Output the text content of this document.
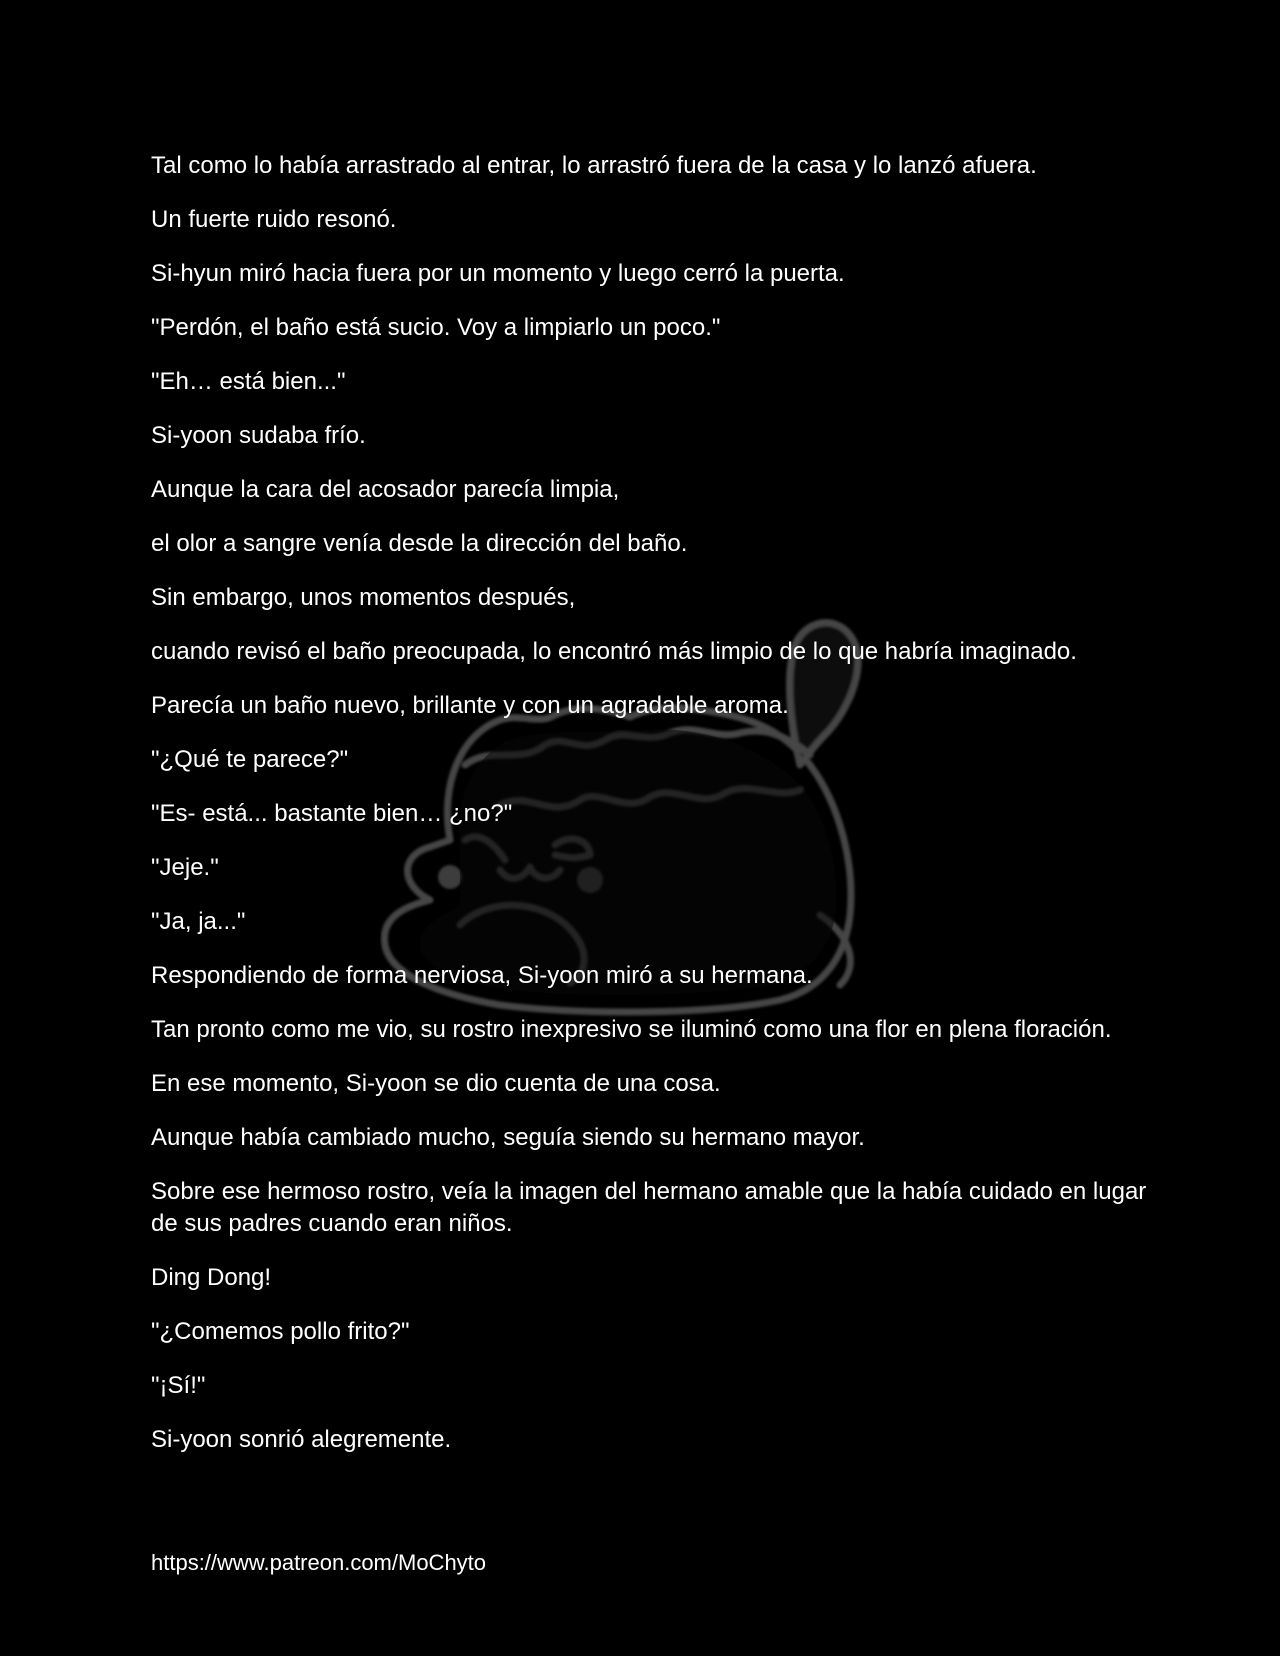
Tal como lo había arrastrado al entrar, lo arrastró fuera de la casa y lo lanzó afuera.

Un fuerte ruido resonó.

Si-hyun miró hacia fuera por un momento y luego cerró la puerta.

"Perdón, el baño está sucio. Voy a limpiarlo un poco."

"Eh… está bien..."

Si-yoon sudaba frío.

Aunque la cara del acosador parecía limpia,

el olor a sangre venía desde la dirección del baño.

Sin embargo, unos momentos después,

cuando revisó el baño preocupada, lo encontró más limpio de lo que habría imaginado.

Parecía un baño nuevo, brillante y con un agradable aroma.

"¿Qué te parece?"

"Es- está... bastante bien… ¿no?"

"Jeje."

"Ja, ja..."

Respondiendo de forma nerviosa, Si-yoon miró a su hermana.

Tan pronto como me vio, su rostro inexpresivo se iluminó como una flor en plena floración.

En ese momento, Si-yoon se dio cuenta de una cosa.

Aunque había cambiado mucho, seguía siendo su hermano mayor.

Sobre ese hermoso rostro, veía la imagen del hermano amable que la había cuidado en lugar de sus padres cuando eran niños.

Ding Dong!

"¿Comemos pollo frito?"

"¡Sí!"

Si-yoon sonrió alegremente.

https://www.patreon.com/MoChyto
